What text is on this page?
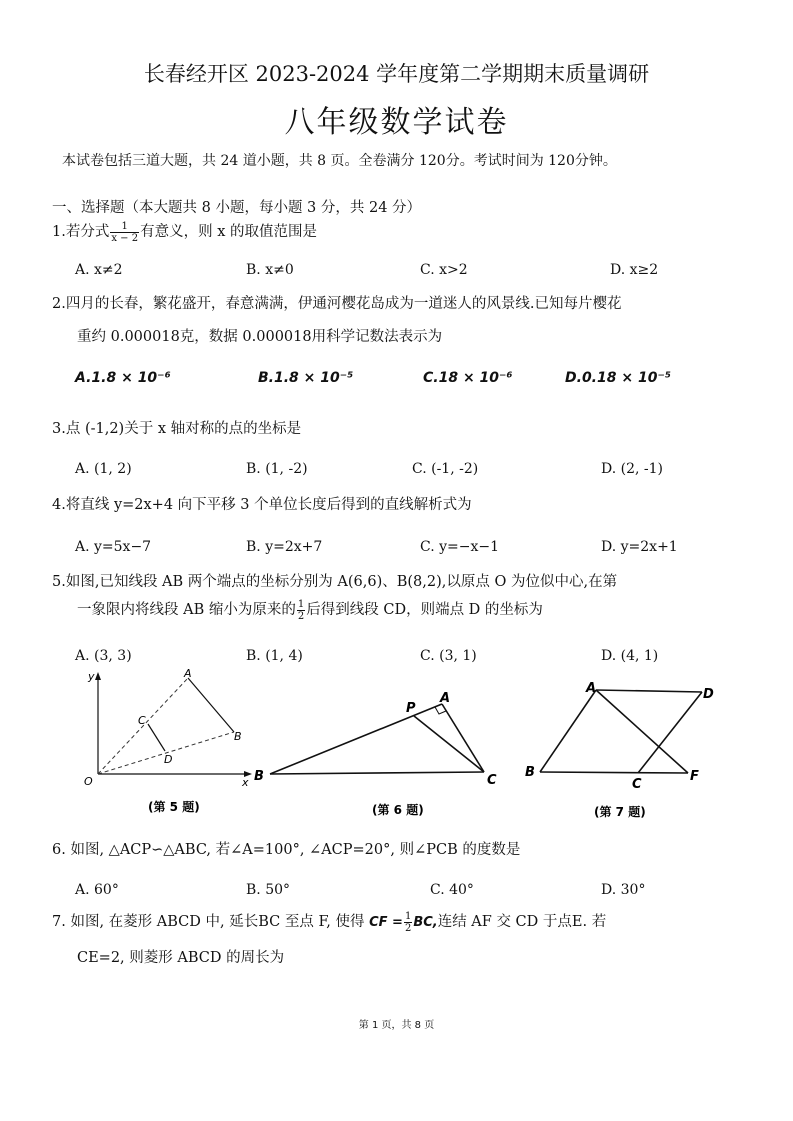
长春经开区 2023-2024 学年度第二学期期末质量调研
八年级数学试卷
本试卷包括三道大题，共 24 道小题，共 8 页。全卷满分 120分。考试时间为 120分钟。
一、选择题（本大题共 8 小题，每小题 3 分，共 24 分）
1.若分式 $\frac{1}{x - 2}$ 有意义，则 x 的取值范围是
A. x≠2	B. x≠0	C. x>2	D. x≥2
2.四月的长春，繁花盛开，春意满满，伊通河樱花岛成为一道迷人的风景线.已知每片樱花
重约 0.000018克，数据 0.000018用科学记数法表示为
A.1.8 × 10⁻⁶	B.1.8 × 10⁻⁵	C.18 × 10⁻⁶	D.0.18 × 10⁻⁵
3.点 (-1,2)关于 x 轴对称的点的坐标是
A. (1, 2)	B. (1, -2)	C. (-1, -2)	D. (2, -1)
4.将直线 y=2x+4 向下平移 3 个单位长度后得到的直线解析式为
A. y=5x−7	B. y=2x+7	C. y=−x−1	D. y=2x+1
5.如图,已知线段 AB 两个端点的坐标分别为 A(6,6)、B(8,2),以原点 O 为位似中心,在第
一象限内将线段 AB 缩小为原来的 $\frac{1}{2}$ 后得到线段 CD，则端点 D 的坐标为
A. (3, 3)	B. (1, 4)	C. (3, 1)	D. (4, 1)
y
x
O
A
B
C
D
(第 5 题)
B
A
P
C
(第 6 题)
A	D
B
C
F
(第 7 题)
6. 如图, △ACP∽△ABC, 若∠A=100°, ∠ACP=20°, 则∠PCB 的度数是
A. 60°	B. 50°	C. 40°	D. 30°
7. 如图, 在菱形 ABCD 中, 延长BC 至点 F, 使得 CF = $\frac{1}{2}$ BC,连结 AF 交 CD 于点E. 若
CE=2, 则菱形 ABCD 的周长为
第 1 页，共 8 页
